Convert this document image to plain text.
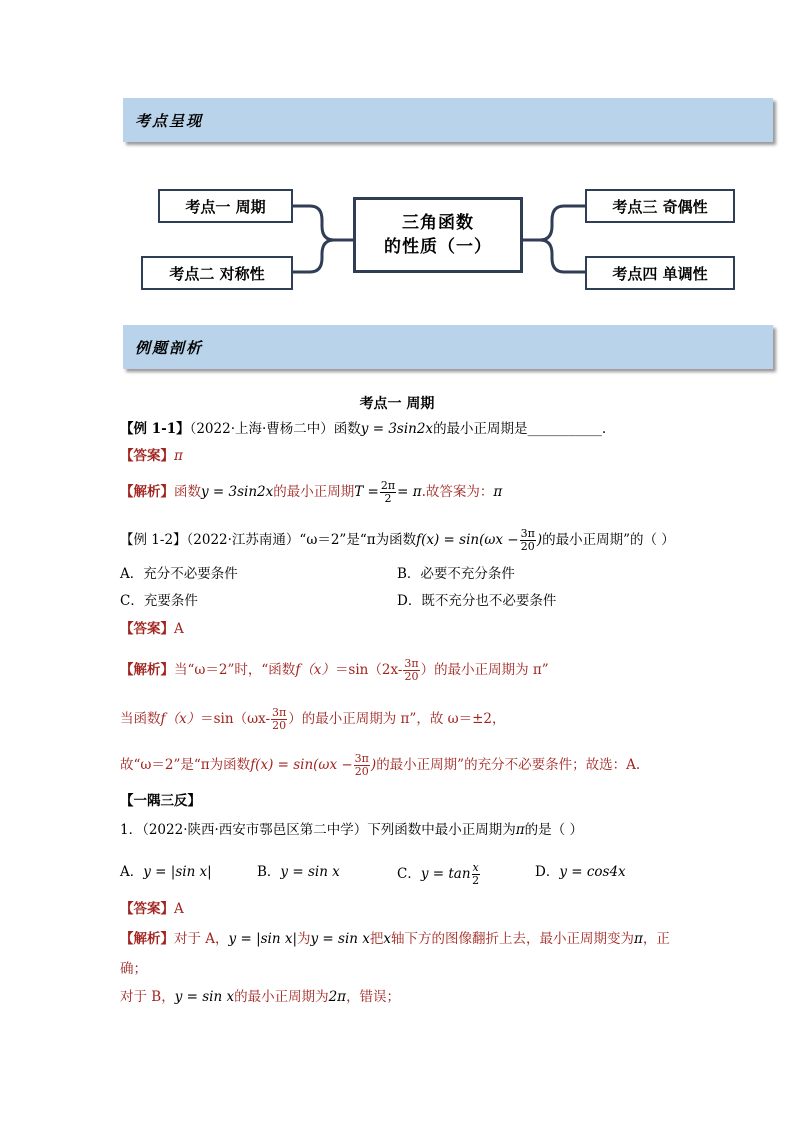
考点呈现
考点一 周期
考点二 对称性
考点三 奇偶性
考点四 单调性
三角函数
的性质（一）
例题剖析
考点一 周期
【例 1-1】（2022·上海·曹杨二中）函数y = 3sin2x的最小正周期是___________.
【答案】π
【解析】函数y = 3sin2x的最小正周期$T = \frac{2\pi}{2} = \pi$.故答案为：π
【例 1-2】（2022·江苏南通）“ω＝2”是“π为函数$f(x) = \sin(\omega x - \frac{3\pi}{20}$ )的最小正周期”的（ ）
A．充分不必要条件	B．必要不充分条件
C．充要条件	D．既不充分也不必要条件
【答案】A
【解析】当“ω＝2”时，“函数$f(x)=\sin(2x- \frac{3\pi}{20}$ ）的最小正周期为 π”
当函数$f(x)=\sin(\omega x- \frac{3\pi}{20}$ ）的最小正周期为 π”，故 ω＝±2，
故“ω＝2”是“π为函数$f(x) = \sin(\omega x - \frac{3\pi}{20}$ )的最小正周期”的充分不必要条件；故选：A.
【一隅三反】
1．（2022·陕西·西安市鄠邑区第二中学）下列函数中最小正周期为π的是（ ）
A．y = |sin x|	B．y = sin x	C．$y = \tan \frac{x}{2}$	D．y = cos4x
【答案】A
【解析】对于 A，y = |sin x|为y = sin x把x轴下方的图像翻折上去，最小正周期变为π，正
确；
对于 B，y = sin x的最小正周期为2π，错误；
